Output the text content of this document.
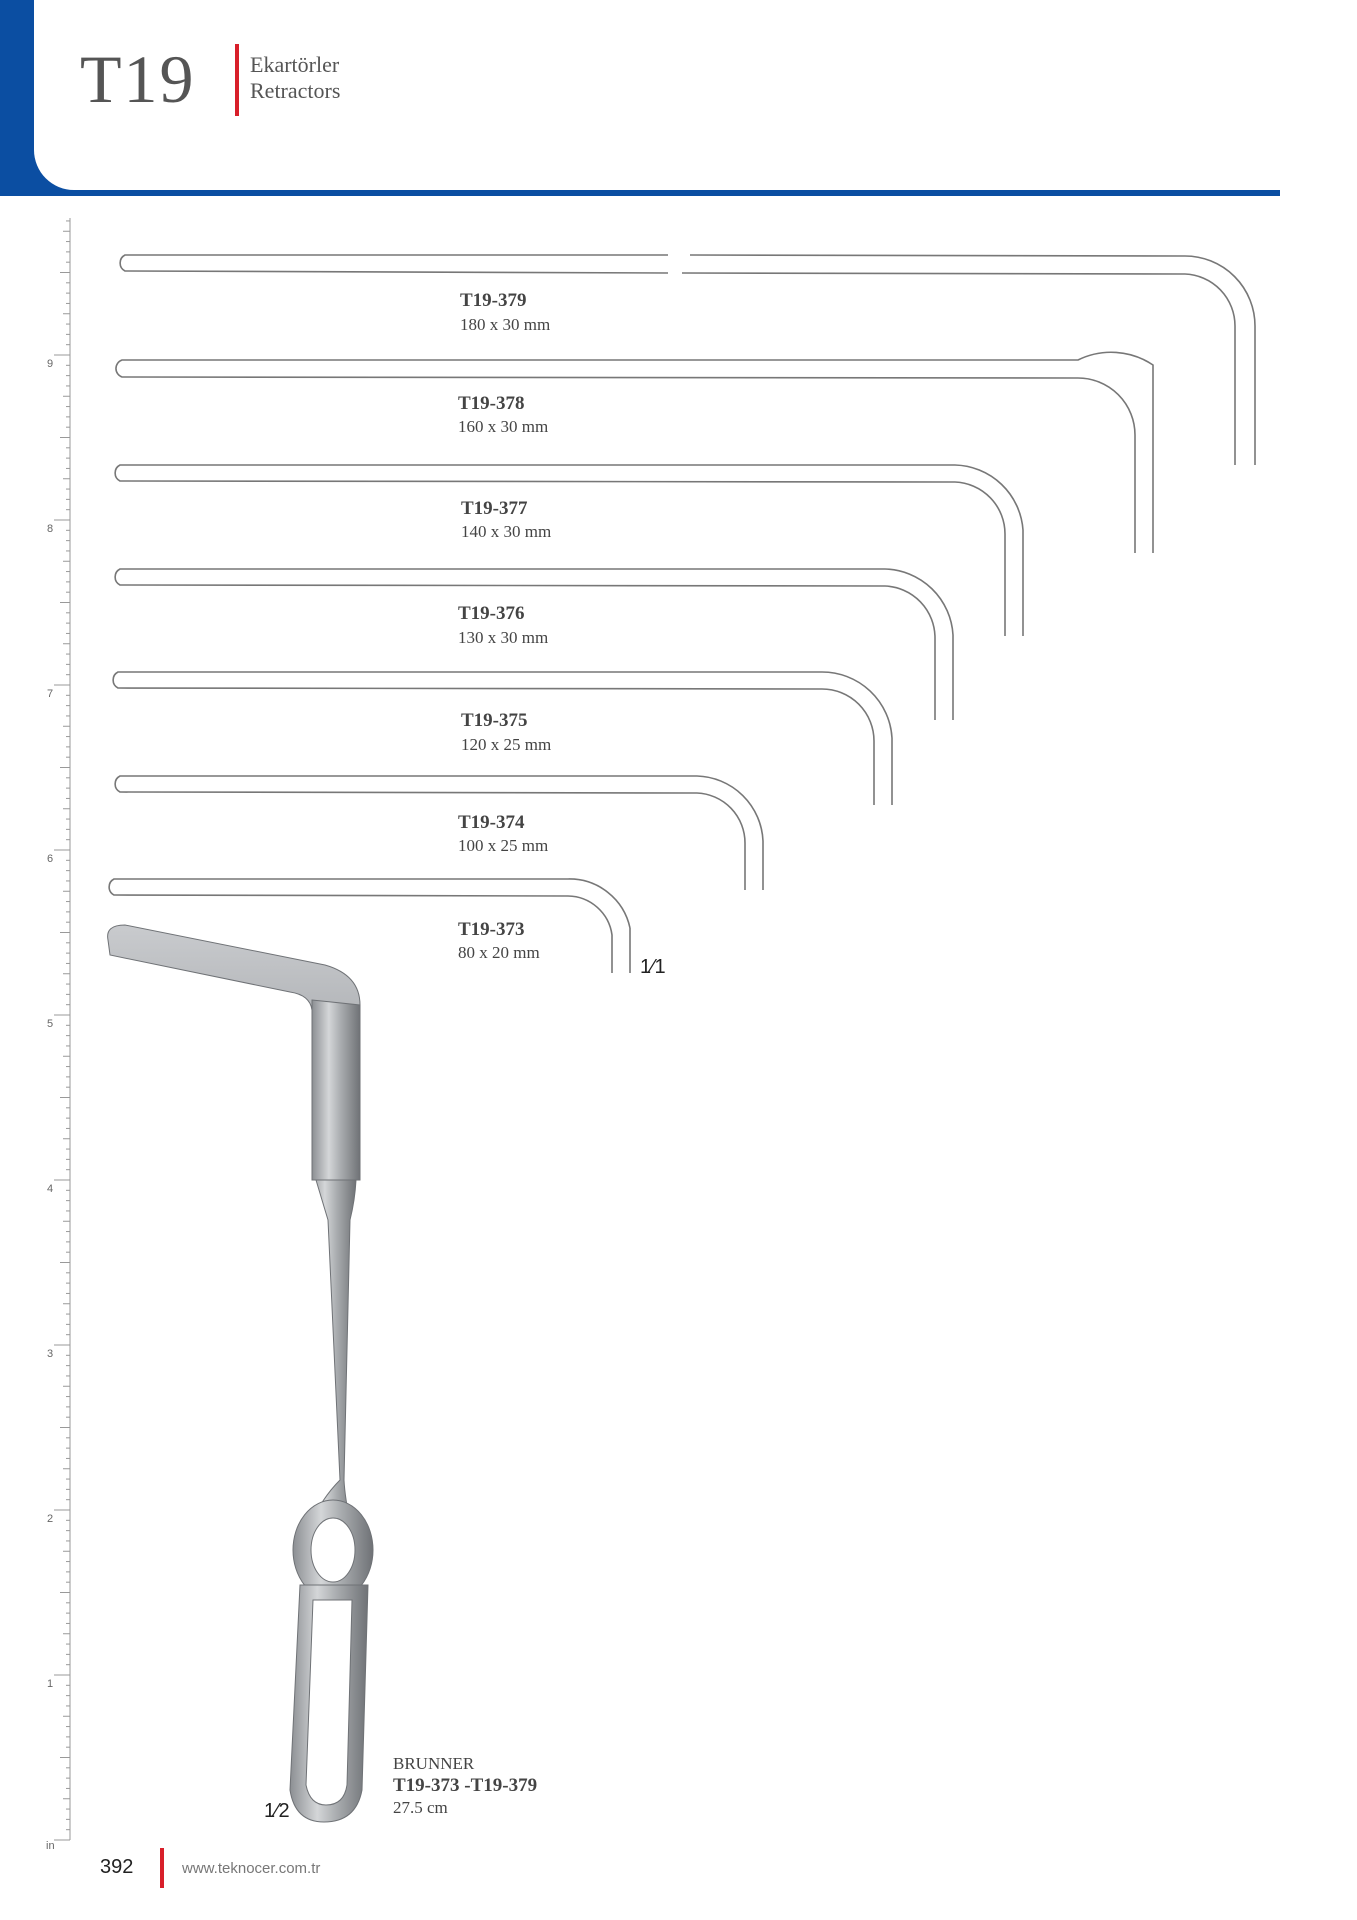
T19 Ekartörler
Retractors
9
8
7
6
5
4
3
2
1
in
T19-379
180 x 30 mm
T19-378
160 x 30 mm
T19-377
140 x 30 mm
T19-376
130 x 30 mm
T19-375
120 x 25 mm
T19-374
100 x 25 mm
T19-373
80 x 20 mm
1⁄1
1⁄2
BRUNNER
T19-373 -T19-379
27.5 cm
392	www.teknocer.com.tr
